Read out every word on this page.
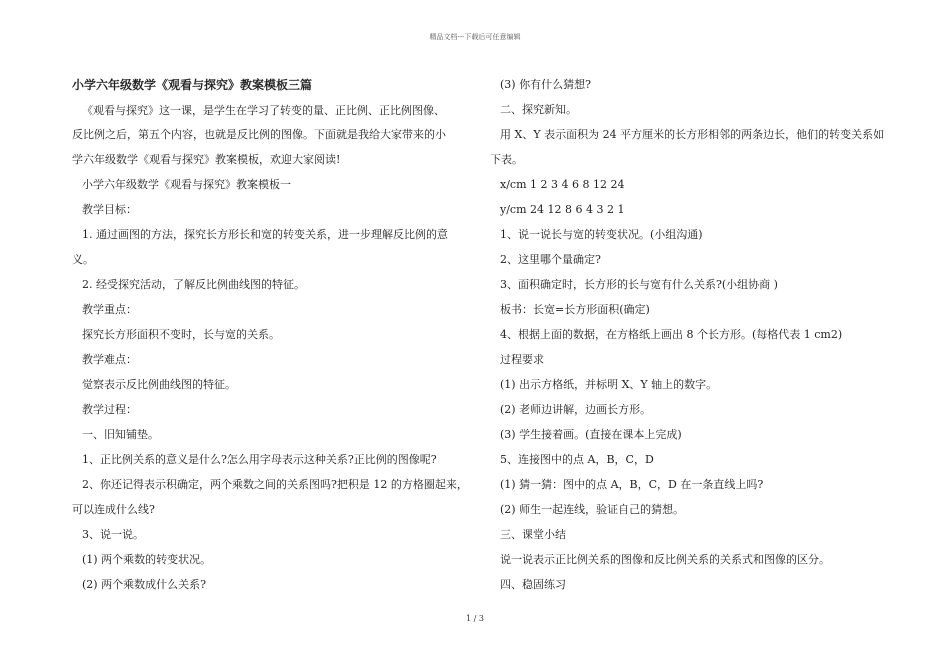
精品文档---下载后可任意编辑
小学六年级数学《观看与探究》教案模板三篇
《观看与探究》这一课，是学生在学习了转变的量、正比例、正比例图像、
反比例之后，第五个内容，也就是反比例的图像。下面就是我给大家带来的小
学六年级数学《观看与探究》教案模板，欢迎大家阅读!
小学六年级数学《观看与探究》教案模板一
教学目标：
1. 通过画图的方法，探究长方形长和宽的转变关系，进一步理解反比例的意
义。
2. 经受探究活动，了解反比例曲线图的特征。
教学重点：
探究长方形面积不变时，长与宽的关系。
教学难点：
觉察表示反比例曲线图的特征。
教学过程：
一、旧知铺垫。
1、正比例关系的意义是什么?怎么用字母表示这种关系?正比例的图像呢?
2、你还记得表示积确定，两个乘数之间的关系图吗?把积是 12 的方格圈起来，
可以连成什么线?
3、说一说。
(1) 两个乘数的转变状况。
(2) 两个乘数成什么关系?
(3) 你有什么猜想?
二、探究新知。
用 X、Y 表示面积为 24 平方厘米的长方形相邻的两条边长，他们的转变关系如
下表。
x/cm 1 2 3 4 6 8 12 24
y/cm 24 12 8 6 4 3 2 1
1、说一说长与宽的转变状况。(小组沟通)
2、这里哪个量确定?
3、面积确定时，长方形的长与宽有什么关系?(小组协商 )
板书：长宽=长方形面积(确定)
4、根据上面的数据，在方格纸上画出 8 个长方形。(每格代表 1 cm2)
过程要求
(1) 出示方格纸，并标明 X、Y 轴上的数字。
(2) 老师边讲解，边画长方形。
(3) 学生接着画。(直接在课本上完成)
5、连接图中的点 A，B，C，D
(1) 猜一猜：图中的点 A，B，C，D 在一条直线上吗?
(2) 师生一起连线，验证自己的猜想。
三、课堂小结
说一说表示正比例关系的图像和反比例关系的关系式和图像的区分。
四、稳固练习
1 / 3
